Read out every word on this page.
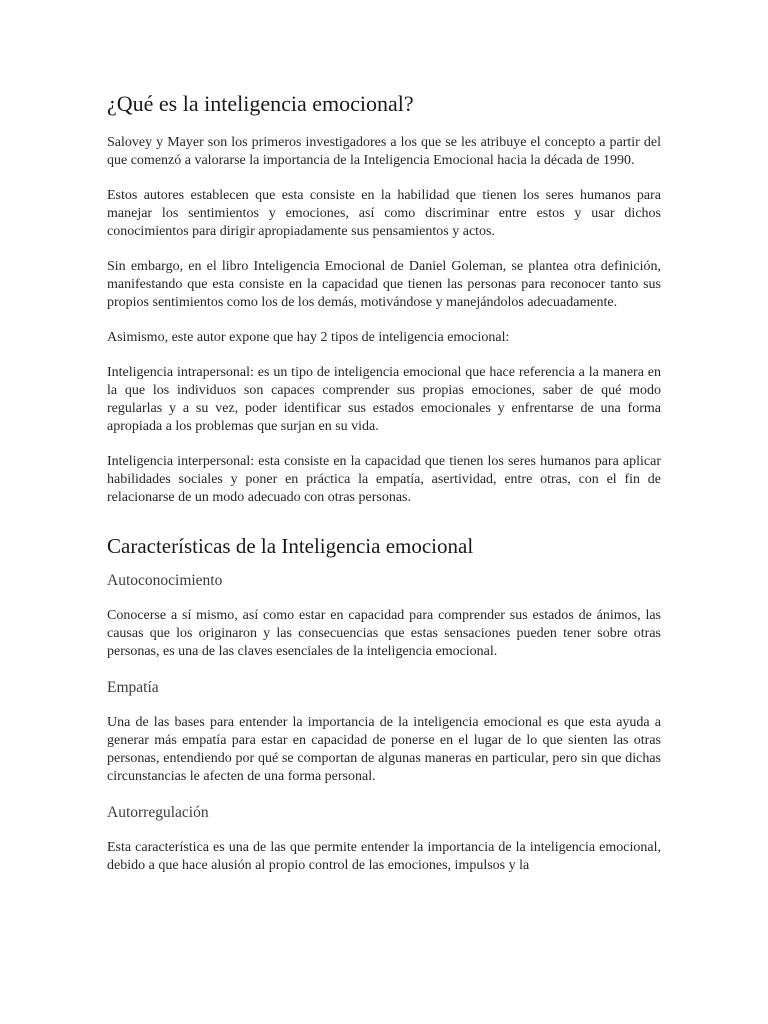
¿Qué es la inteligencia emocional?

Salovey y Mayer son los primeros investigadores a los que se les atribuye el concepto a partir del que comenzó a valorarse la importancia de la Inteligencia Emocional hacia la década de 1990.

Estos autores establecen que esta consiste en la habilidad que tienen los seres humanos para manejar los sentimientos y emociones, así como discriminar entre estos y usar dichos conocimientos para dirigir apropiadamente sus pensamientos y actos.

Sin embargo, en el libro Inteligencia Emocional de Daniel Goleman, se plantea otra definición, manifestando que esta consiste en la capacidad que tienen las personas para reconocer tanto sus propios sentimientos como los de los demás, motivándose y manejándolos adecuadamente.

Asimismo, este autor expone que hay 2 tipos de inteligencia emocional:

Inteligencia intrapersonal: es un tipo de inteligencia emocional que hace referencia a la manera en la que los individuos son capaces comprender sus propias emociones, saber de qué modo regularlas y a su vez, poder identificar sus estados emocionales y enfrentarse de una forma apropiada a los problemas que surjan en su vida.

Inteligencia interpersonal: esta consiste en la capacidad que tienen los seres humanos para aplicar habilidades sociales y poner en práctica la empatía, asertividad, entre otras, con el fin de relacionarse de un modo adecuado con otras personas.

Características de la Inteligencia emocional
Autoconocimiento

Conocerse a sí mismo, así como estar en capacidad para comprender sus estados de ánimos, las causas que los originaron y las consecuencias que estas sensaciones pueden tener sobre otras personas, es una de las claves esenciales de la inteligencia emocional.

Empatía

Una de las bases para entender la importancia de la inteligencia emocional es que esta ayuda a generar más empatía para estar en capacidad de ponerse en el lugar de lo que sienten las otras personas, entendiendo por qué se comportan de algunas maneras en particular, pero sin que dichas circunstancias le afecten de una forma personal.

Autorregulación

Esta característica es una de las que permite entender la importancia de la inteligencia emocional, debido a que hace alusión al propio control de las emociones, impulsos y la
